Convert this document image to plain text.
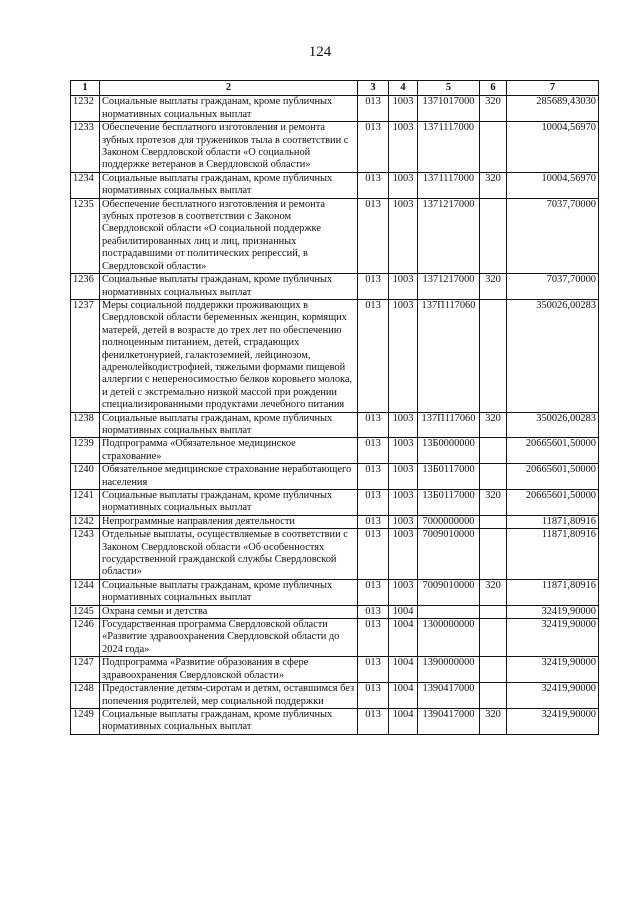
124
1	2	3	4	5	6	7
1232	Социальные выплаты гражданам, кроме публичных нормативных социальных выплат	013	1003	1371017000	320	285689,43030
1233	Обеспечение бесплатного изготовления и ремонта зубных протезов для тружеников тыла в соответствии с Законом Свердловской области «О социальной поддержке ветеранов в Свердловской области»	013	1003	1371117000		10004,56970
1234	Социальные выплаты гражданам, кроме публичных нормативных социальных выплат	013	1003	1371117000	320	10004,56970
1235	Обеспечение бесплатного изготовления и ремонта зубных протезов в соответствии с Законом Свердловской области «О социальной поддержке реабилитированных лиц и лиц, признанных пострадавшими от политических репрессий, в Свердловской области»	013	1003	1371217000		7037,70000
1236	Социальные выплаты гражданам, кроме публичных нормативных социальных выплат	013	1003	1371217000	320	7037,70000
1237	Меры социальной поддержки проживающих в Свердловской области беременных женщин, кормящих матерей, детей в возрасте до трех лет по обеспечению полноценным питанием, детей, страдающих фенилкетонурией, галактоземией, лейцинозом, адренолейкодистрофией, тяжелыми формами пищевой аллергии с непереносимостью белков коровьего молока, и детей с экстремально низкой массой при рождении специализированными продуктами лечебного питания	013	1003	137П117060		350026,00283
1238	Социальные выплаты гражданам, кроме публичных нормативных социальных выплат	013	1003	137П117060	320	350026,00283
1239	Подпрограмма «Обязательное медицинское страхование»	013	1003	13Б0000000		20665601,50000
1240	Обязательное медицинское страхование неработающего населения	013	1003	13Б0117000		20665601,50000
1241	Социальные выплаты гражданам, кроме публичных нормативных социальных выплат	013	1003	13Б0117000	320	20665601,50000
1242	Непрограммные направления деятельности	013	1003	7000000000		11871,80916
1243	Отдельные выплаты, осуществляемые в соответствии с Законом Свердловской области «Об особенностях государственной гражданской службы Свердловской области»	013	1003	7009010000		11871,80916
1244	Социальные выплаты гражданам, кроме публичных нормативных социальных выплат	013	1003	7009010000	320	11871,80916
1245	Охрана семьи и детства	013	1004			32419,90000
1246	Государственная программа Свердловской области «Развитие здравоохранения Свердловской области до 2024 года»	013	1004	1300000000		32419,90000
1247	Подпрограмма «Развитие образования в сфере здравоохранения Свердловской области»	013	1004	1390000000		32419,90000
1248	Предоставление детям-сиротам и детям, оставшимся без попечения родителей, мер социальной поддержки	013	1004	1390417000		32419,90000
1249	Социальные выплаты гражданам, кроме публичных нормативных социальных выплат	013	1004	1390417000	320	32419,90000
